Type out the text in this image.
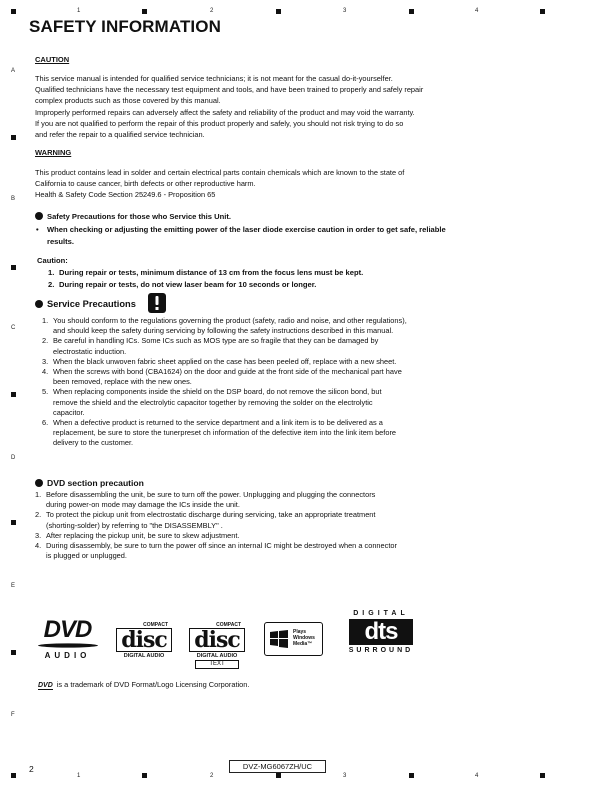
1	2	3	4
1	2	3	4
A
B
C
D
E
F
SAFETY INFORMATION
CAUTION
This service manual is intended for qualified service technicians; it is not meant for the casual do-it-yourselfer.
Qualified technicians have the necessary test equipment and tools, and have been trained to properly and safely repair
complex products such as those covered by this manual.
Improperly performed repairs can adversely affect the safety and reliability of the product and may void the warranty.
If you are not qualified to perform the repair of this product properly and safely, you should not risk trying to do so
and refer the repair to a qualified service technician.
WARNING
This product contains lead in solder and certain electrical parts contain chemicals which are known to the state of
California to cause cancer, birth defects or other reproductive harm.
Health & Safety Code Section 25249.6 - Proposition 65
Safety Precautions for those who Service this Unit.
• When checking or adjusting the emitting power of the laser diode exercise caution in order to get safe, reliable
results.
Caution:
1. During repair or tests, minimum distance of 13 cm from the focus lens must be kept.
2. During repair or tests, do not view laser beam for 10 seconds or longer.
Service Precautions
1. You should conform to the regulations governing the product (safety, radio and noise, and other regulations),
and should keep the safety during servicing by following the safety instructions described in this manual.
2. Be careful in handling ICs. Some ICs such as MOS type are so fragile that they can be damaged by
electrostatic induction.
3. When the black unwoven fabric sheet applied on the case has been peeled off, replace with a new sheet.
4. When the screws with bond (CBA1624) on the door and guide at the front side of the mechanical part have
been removed, replace with the new ones.
5. When replacing components inside the shield on the DSP board, do not remove the silicon bond, but
remove the shield and the electrolytic capacitor together by removing the solder on the electrolytic
capacitor.
6. When a defective product is returned to the service department and a link item is to be delivered as a
replacement, be sure to store the tunerpreset ch information of the defective item into the link item before
delivery to the customer.
DVD section precaution
1. Before disassembling the unit, be sure to turn off the power. Unplugging and plugging the connectors
during power-on mode may damage the ICs inside the unit.
2. To protect the pickup unit from electrostatic discharge during servicing, take an appropriate treatment
(shorting-solder) by referring to "the DISASSEMBLY" .
3. After replacing the pickup unit, be sure to skew adjustment.
4. During disassembly, be sure to turn the power off since an internal IC might be destroyed when a connector
is plugged or unplugged.
DVD
AUDIO
COMPACT
disc
DIGITAL AUDIO
COMPACT
disc
DIGITAL AUDIO
TEXT
Plays
Windows
Media™
DIGITAL
dts
SURROUND
DVD is a trademark of DVD Format/Logo Licensing Corporation.
2	DVZ-MG6067ZH/UC
